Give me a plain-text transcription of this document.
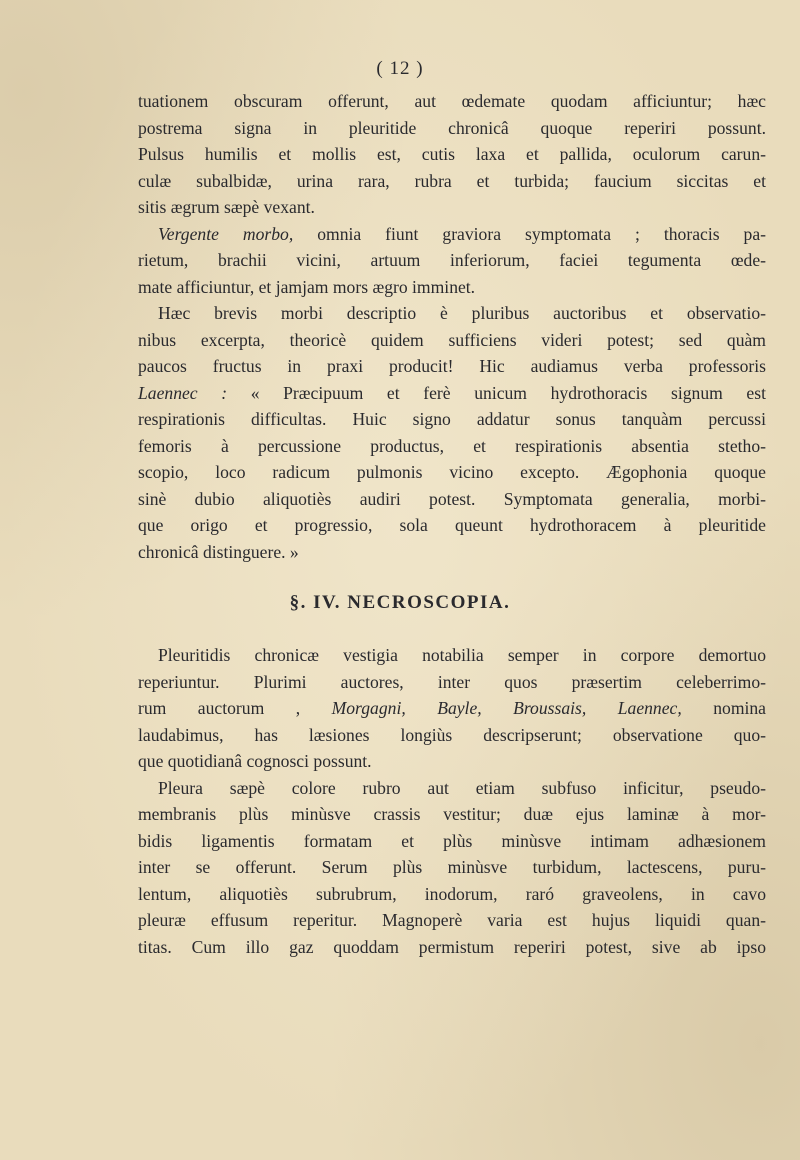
( 12 )
tuationem obscuram offerunt, aut œdemate quodam afficiuntur; hæc
postrema signa in pleuritide chronicâ quoque reperiri possunt.
Pulsus humilis et mollis est, cutis laxa et pallida, oculorum carun-
culæ subalbidæ, urina rara, rubra et turbida; faucium siccitas et
sitis ægrum sæpè vexant.
Vergente morbo, omnia fiunt graviora symptomata ; thoracis pa-
rietum, brachii vicini, artuum inferiorum, faciei tegumenta œde-
mate afficiuntur, et jamjam mors ægro imminet.
Hæc brevis morbi descriptio è pluribus auctoribus et observatio-
nibus excerpta, theoricè quidem sufficiens videri potest; sed quàm
paucos fructus in praxi producit! Hic audiamus verba professoris
Laennec : « Præcipuum et ferè unicum hydrothoracis signum est
respirationis difficultas. Huic signo addatur sonus tanquàm percussi
femoris à percussione productus, et respirationis absentia stetho-
scopio, loco radicum pulmonis vicino excepto. Ægophonia quoque
sinè dubio aliquotiès audiri potest. Symptomata generalia, morbi-
que origo et progressio, sola queunt hydrothoracem à pleuritide
chronicâ distinguere. »
§. IV. NECROSCOPIA.
Pleuritidis chronicæ vestigia notabilia semper in corpore demortuo
reperiuntur. Plurimi auctores, inter quos præsertim celeberrimo-
rum auctorum , Morgagni, Bayle, Broussais, Laennec, nomina
laudabimus, has læsiones longiùs descripserunt; observatione quo-
que quotidianâ cognosci possunt.
Pleura sæpè colore rubro aut etiam subfuso inficitur, pseudo-
membranis plùs minùsve crassis vestitur; duæ ejus laminæ à mor-
bidis ligamentis formatam et plùs minùsve intimam adhæsionem
inter se offerunt. Serum plùs minùsve turbidum, lactescens, puru-
lentum, aliquotiès subrubrum, inodorum, raró graveolens, in cavo
pleuræ effusum reperitur. Magnoperè varia est hujus liquidi quan-
titas. Cum illo gaz quoddam permistum reperiri potest, sive ab ipso
